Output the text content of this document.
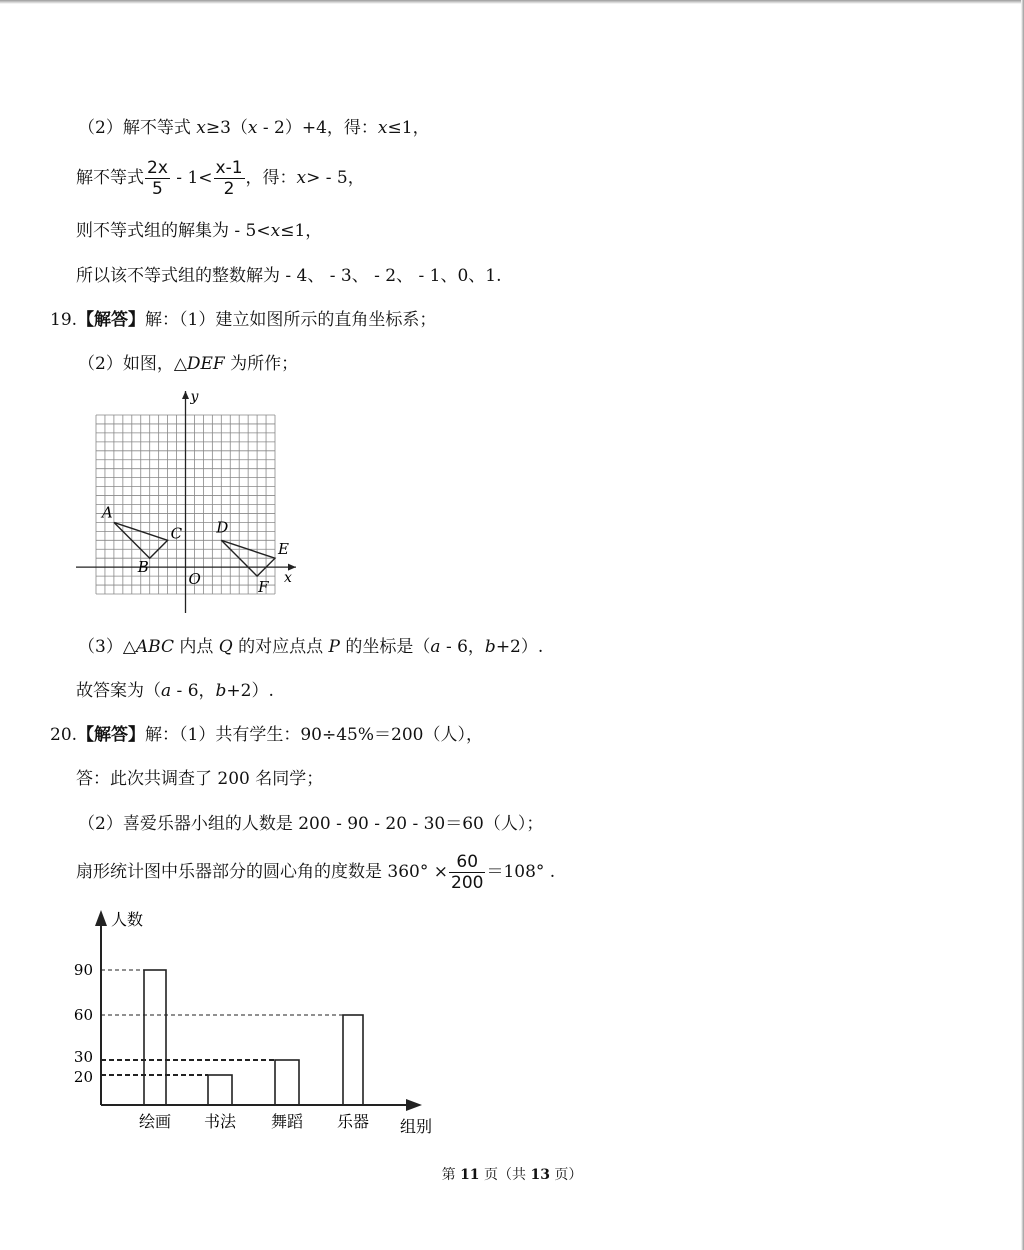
（2）解不等式 x≥3（x - 2）+4，得：x≤1，
解不等式 $\frac{2x}{5} - 1< \frac{x-1}{2}$ ，得：x> - 5，
则不等式组的解集为 - 5<x≤1，
所以该不等式组的整数解为 - 4、 - 3、 - 2、 - 1、0、1.
19.【解答】解：（1）建立如图所示的直角坐标系；
（2）如图，△DEF 为所作；
x
y
O
A
B
C D
E
F
（3）△ABC 内点 Q 的对应点点 P 的坐标是（a - 6，b+2）.
故答案为（a - 6，b+2）.
20.【解答】解：（1）共有学生：90÷45%＝200（人），
答：此次共调查了 200 名同学；
（2）喜爱乐器小组的人数是 200 - 90 - 20 - 30＝60（人）；
扇形统计图中乐器部分的圆心角的度数是 $360^\circ \times \frac{60}{200} =108^\circ$ .
人数
组别
绘画 书法 舞蹈 乐器
20
30
60
90
第 11 页（共 13 页）
